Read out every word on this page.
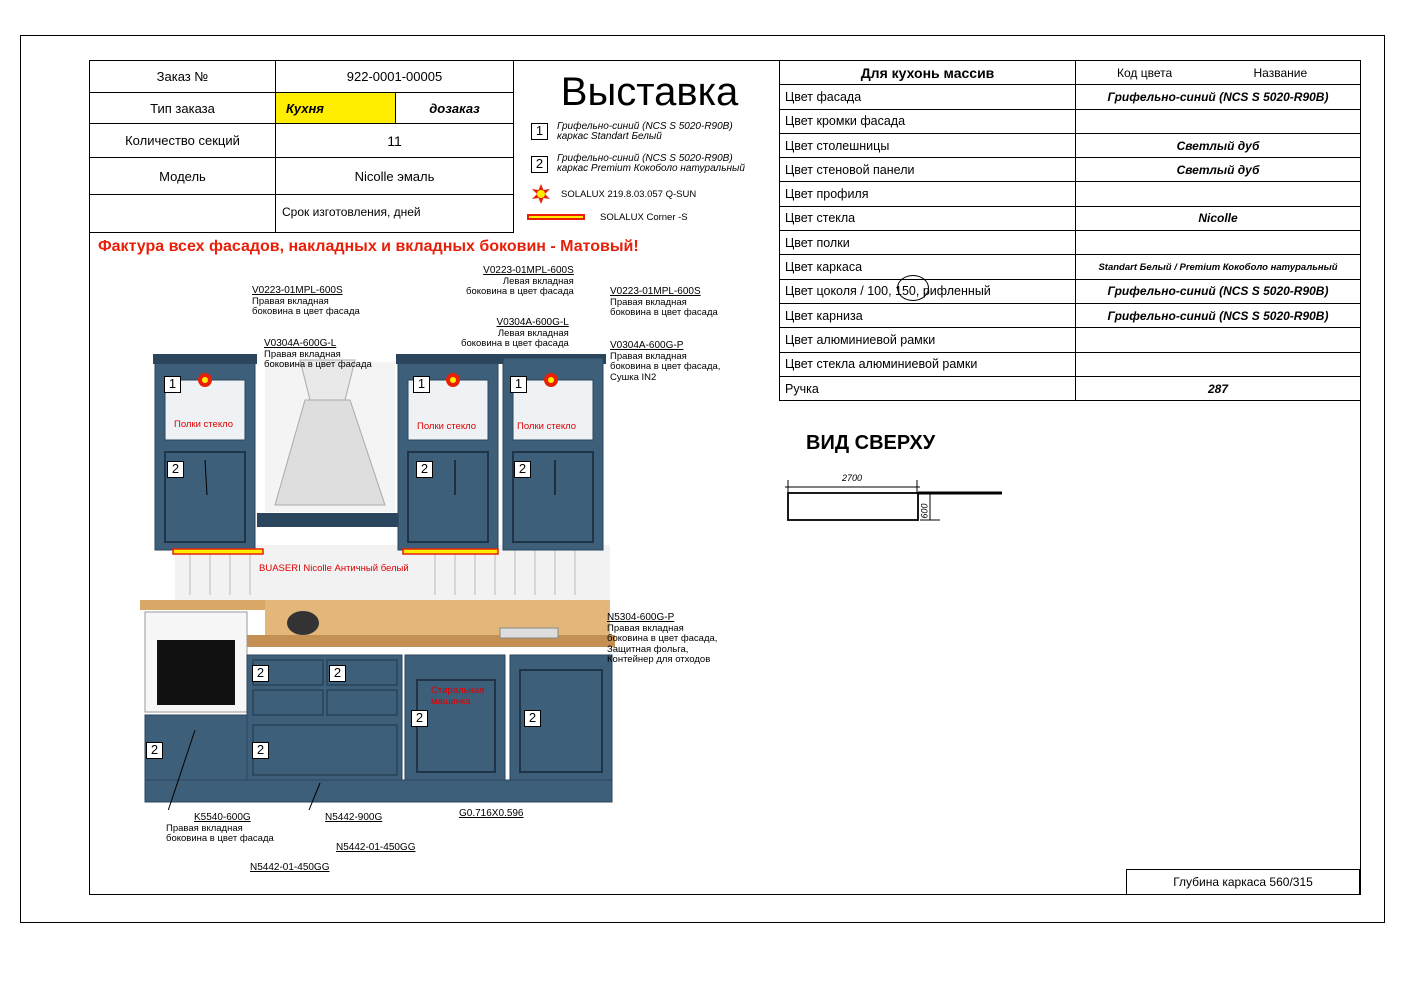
Заказ №	922-0001-00005	
Тип заказа	Кухня	дозаказ
Количество секций	11	
Модель	Nicolle эмаль	
	Срок изготовления, дней	
Выставка
1	Грифельно-синий (NCS S 5020-R90B)
каркас Standart Белый
2	Грифельно-синий (NCS S 5020-R90B)
каркас Premium Кокоболо натуральный
SOLALUX 219.8.03.057 Q-SUN
SOLALUX Corner -S
Для кухонь массив	Код цвета Название
Цвет фасада	Грифельно-синий (NCS S 5020-R90B)
Цвет кромки фасада	
Цвет столешницы	Светлый дуб
Цвет стеновой панели	Светлый дуб
Цвет профиля	
Цвет стекла	Nicolle
Цвет полки	
Цвет каркаса	Standart Белый / Premium Кокоболо натуральный
Цвет цоколя / 100, 150, рифленный	Грифельно-синий (NCS S 5020-R90B)
Цвет карниза	Грифельно-синий (NCS S 5020-R90B)
Цвет алюминиевой рамки	
Цвет стекла алюминиевой рамки	
Ручка	287
Фактура всех фасадов, накладных и вкладных боковин - Матовый!
ВИД СВЕРХУ
2700
600
Глубина каркаса 560/315
1	1	1
2	2	2
2	2
2	2
2	2
Полки стекло	Полки стекло	Полки стекло
BUASERI Nicolle Античный белый
Стиральная
машинка
V0223-01MPL-600S
Правая вкладная
боковина в цвет фасада
V0304A-600G-L
Правая вкладная
боковина в цвет фасада
V0223-01MPL-600S
Левая вкладная
боковина в цвет фасада
V0304A-600G-L
Левая вкладная
боковина в цвет фасада
V0223-01MPL-600S
Правая вкладная
боковина в цвет фасада
V0304A-600G-P
Правая вкладная
боковина в цвет фасада,
Сушка IN2
N5304-600G-P
Правая вкладная
боковина в цвет фасада,
Защитная фольга,
Контейнер для отходов
K5540-600G
Правая вкладная
боковина в цвет фасада
N5442-900G
N5442-01-450GG
N5442-01-450GG
G0.716X0.596
